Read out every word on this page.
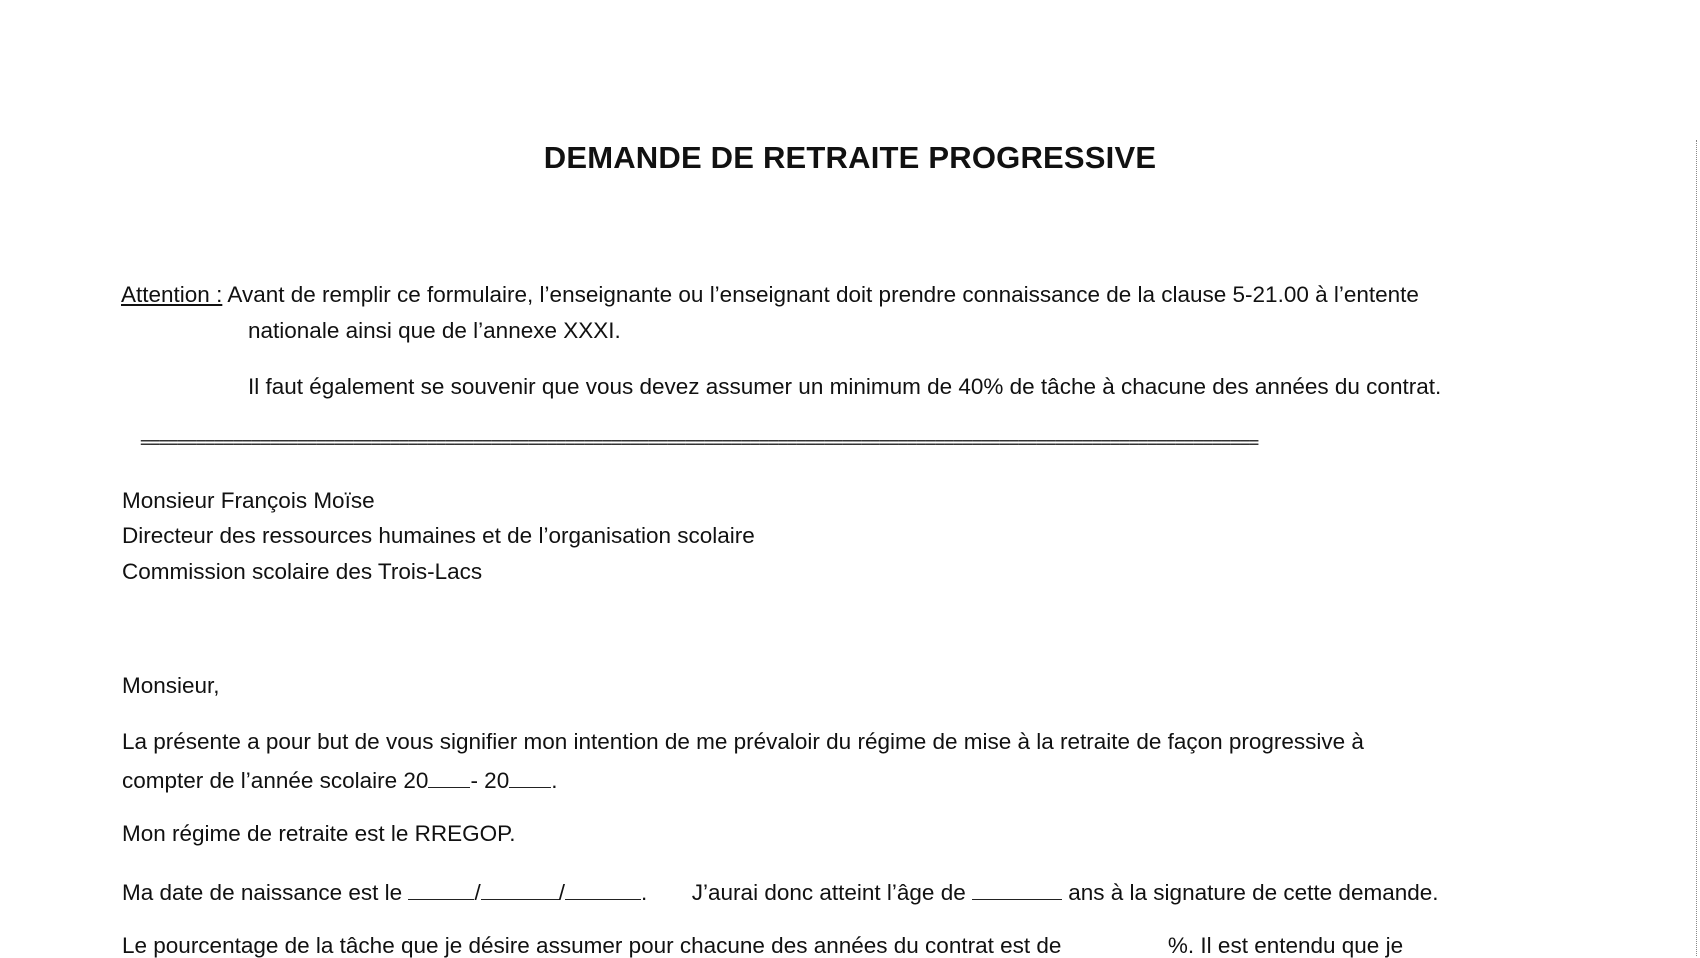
DEMANDE DE RETRAITE PROGRESSIVE
Attention : Avant de remplir ce formulaire, l’enseignante ou l’enseignant doit prendre connaissance de la clause 5-21.00 à l’entente
nationale ainsi que de l’annexe XXXI.
Il faut également se souvenir que vous devez assumer un minimum de 40% de tâche à chacune des années du contrat.
=========================================================================================================================
Monsieur François Moïse
Directeur des ressources humaines et de l’organisation scolaire
Commission scolaire des Trois-Lacs
Monsieur,
La présente a pour but de vous signifier mon intention de me prévaloir du régime de mise à la retraite de façon progressive à
compter de l’année scolaire 20 - 20 .
Mon régime de retraite est le RREGOP.
Ma date de naissance est le	/	/	. J’aurai donc atteint l’âge de	ans à la signature de cette demande.
Le pourcentage de la tâche que je désire assumer pour chacune des années du contrat est de	%. Il est entendu que je
